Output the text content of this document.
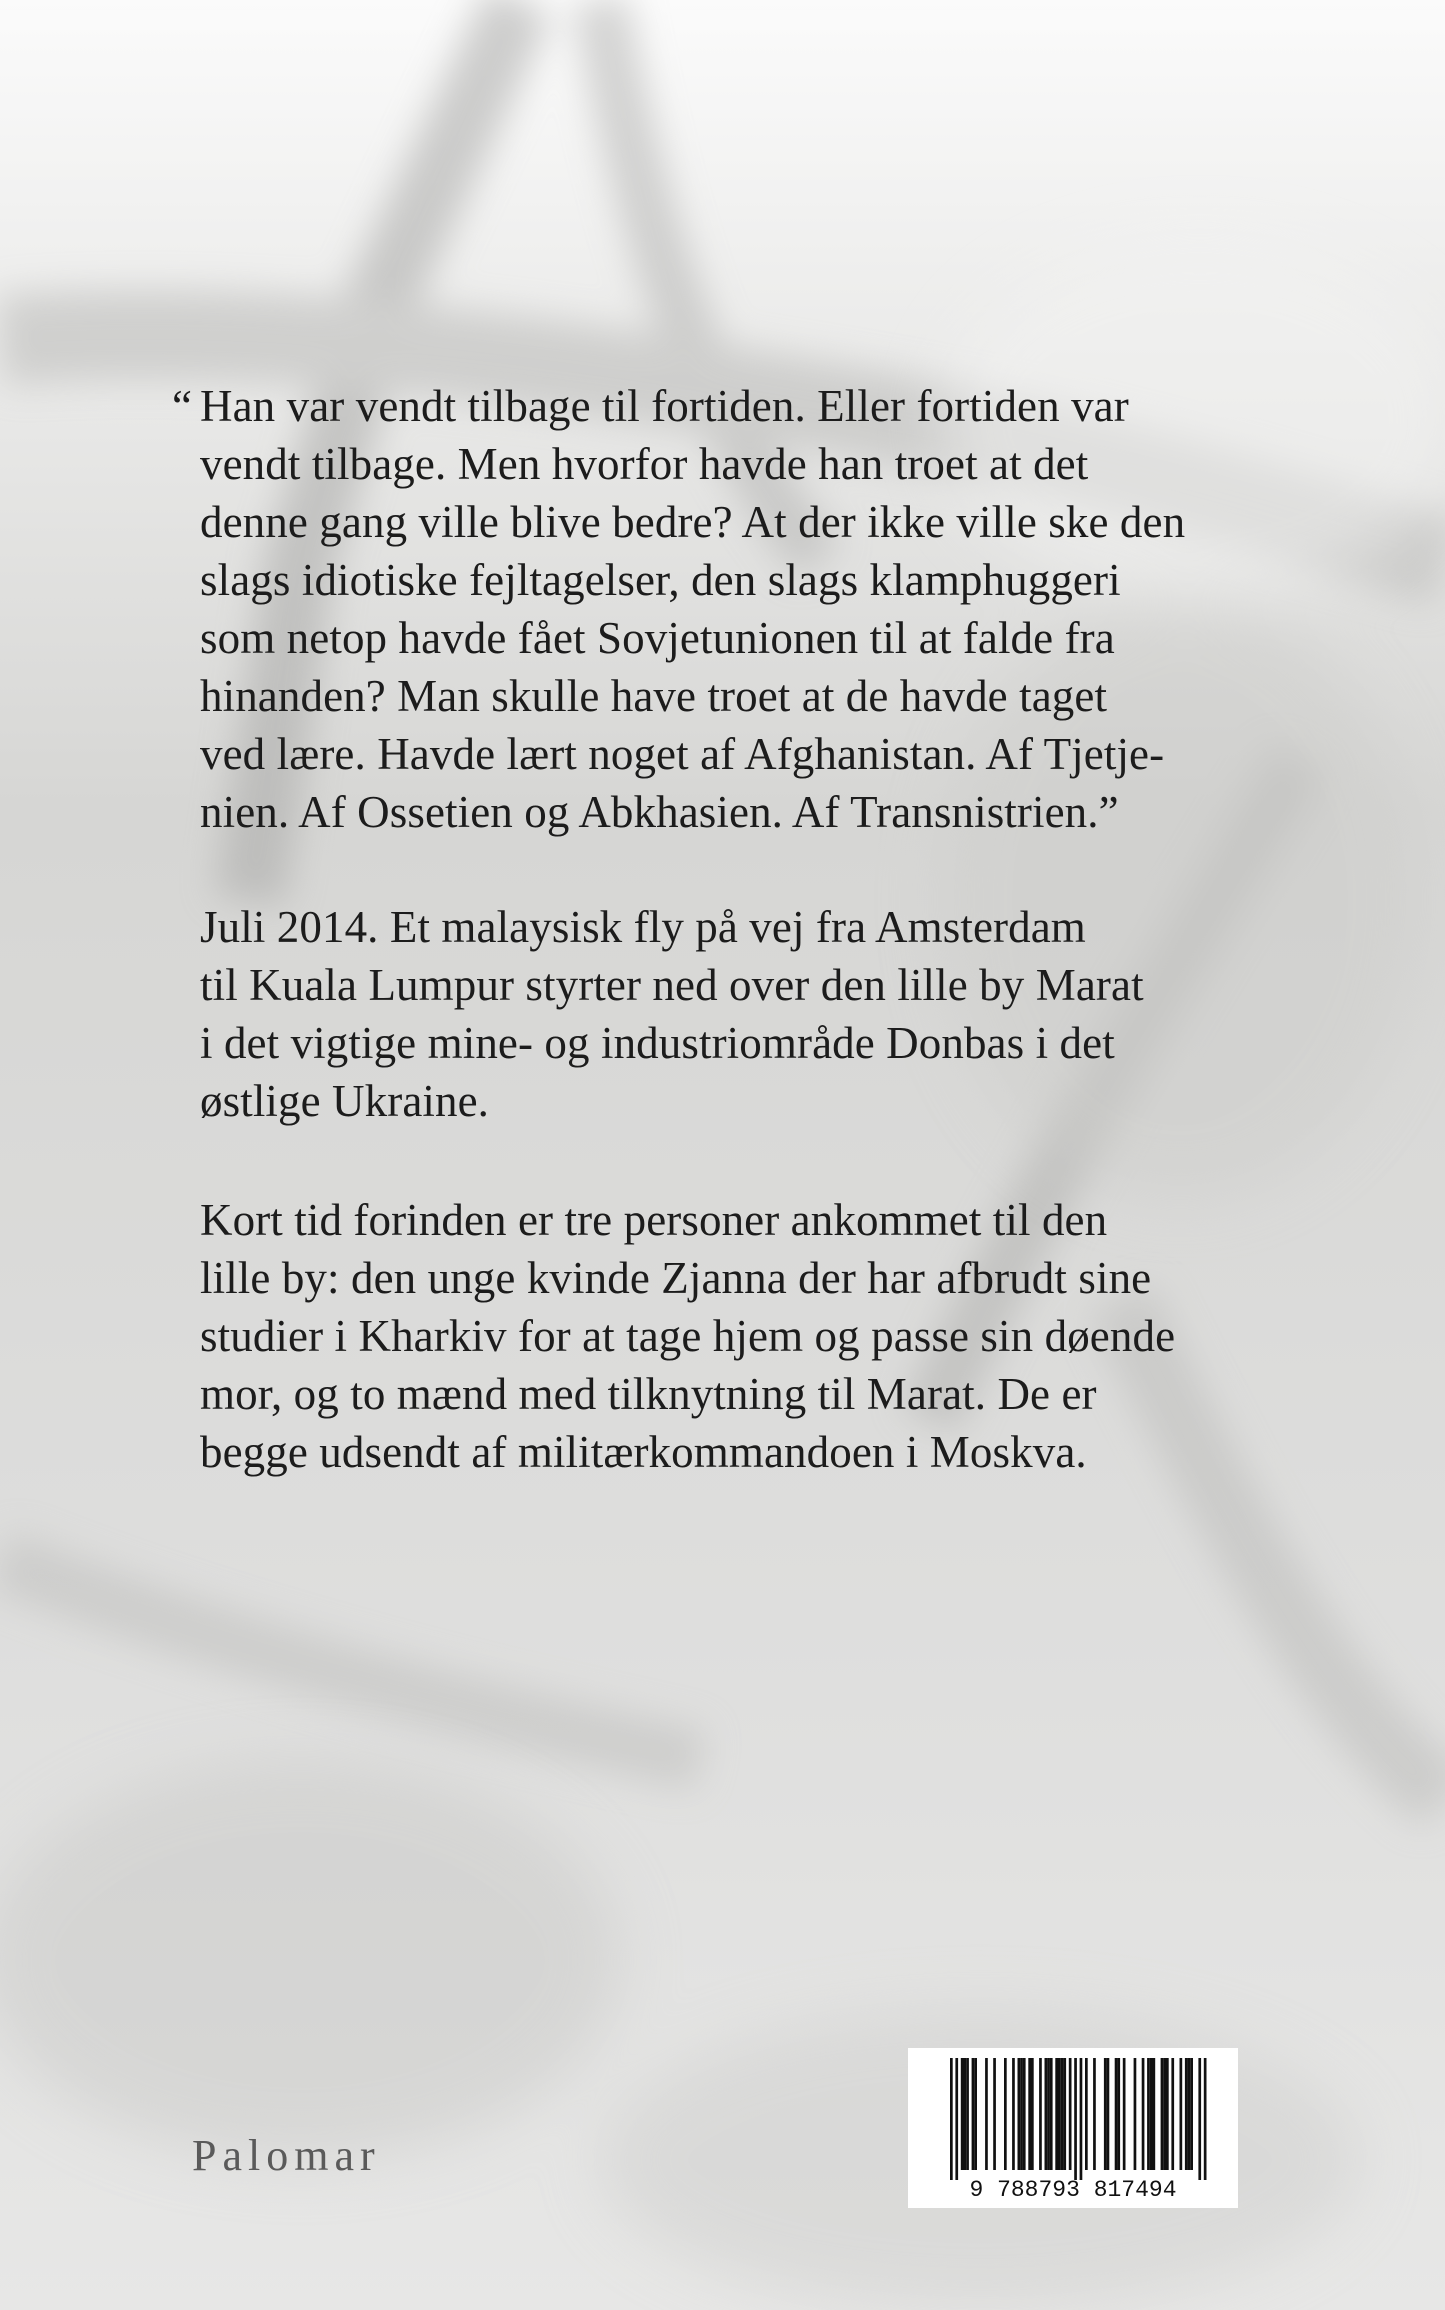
“ Han var vendt tilbage til fortiden. Eller fortiden var
vendt tilbage. Men hvorfor havde han troet at det
denne gang ville blive bedre? At der ikke ville ske den
slags idiotiske fejltagelser, den slags klamphuggeri
som netop havde fået Sovjetunionen til at falde fra
hinanden? Man skulle have troet at de havde taget
ved lære. Havde lært noget af Afghanistan. Af Tjetje-
nien. Af Ossetien og Abkhasien. Af Transnistrien.”

Juli 2014. Et malaysisk fly på vej fra Amsterdam
til Kuala Lumpur styrter ned over den lille by Marat
i det vigtige mine- og industriområde Donbas i det
østlige Ukraine.

Kort tid forinden er tre personer ankommet til den
lille by: den unge kvinde Zjanna der har afbrudt sine
studier i Kharkiv for at tage hjem og passe sin døende
mor, og to mænd med tilknytning til Marat. De er
begge udsendt af militærkommandoen i Moskva.

Palomar
9 788793 817494
